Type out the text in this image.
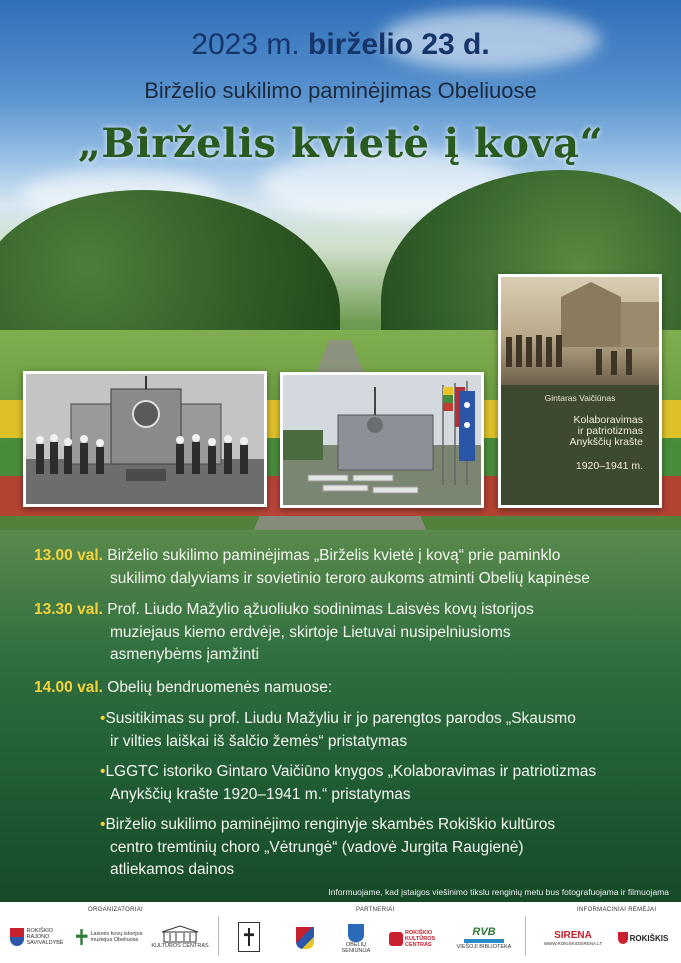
2023 m. birželio 23 d.
Birželio sukilimo paminėjimas Obeliuose
„Birželis kvietė į kovą“
Gintaras Vaičiūnas
Kolaboravimas
ir patriotizmas
Anykščių krašte
1920–1941 m.
13.00 val. Birželio sukilimo paminėjimas „Birželis kvietė į kovą“ prie paminklo
sukilimo dalyviams ir sovietinio teroro aukoms atminti Obelių kapinėse
13.30 val. Prof. Liudo Mažylio ąžuoliuko sodinimas Laisvės kovų istorijos
muziejaus kiemo erdvėje, skirtoje Lietuvai nusipelniusioms
asmenybėms įamžinti
14.00 val. Obelių bendruomenės namuose:
•Susitikimas su prof. Liudu Mažyliu ir jo parengtos parodos „Skausmo
ir vilties laiškai iš šalčio žemės“ pristatymas
•LGGTC istoriko Gintaro Vaičiūno knygos „Kolaboravimas ir patriotizmas
Anykščių krašte 1920–1941 m.“ pristatymas
•Birželio sukilimo paminėjimo renginyje skambės Rokiškio kultūros
centro tremtinių choro „Vėtrungė“ (vadovė Jurgita Raugienė)
atliekamos dainos
Informuojame, kad įstaigos viešinimo tikslu renginių metu bus fotografuojama ir filmuojama
ORGANIZATORIAI	PARTNERIAI	INFORMACINIAI RĖMĖJAI
ROKIŠKIO RAJONO SAVIVALDYBĖ
Laisvės kovų istorijos muziejus Obeliuose
KULTŪROS CENTRAS	OBELIŲ SENIŪNIJA
ROKIŠKIO KULTŪROS CENTRAS
RVB
VIEŠOJI BIBLIOTEKA
SIRENA
WWW.ROKISKIOSIRENA.LT
ROKIŠKIS
